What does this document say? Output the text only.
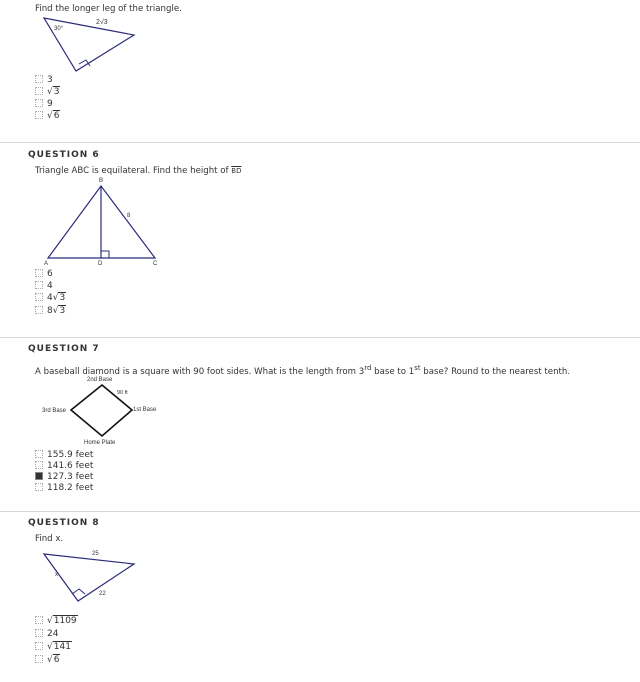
Find the longer leg of the triangle.
30°
2√3
3
√3
9
√6
QUESTION 6
Triangle ABC is equilateral. Find the height of $\overline{BD}$
B
A	D	C
8
6
4
4√3
8√3
QUESTION 7
A baseball diamond is a square with 90 foot sides. What is the length from 3rd base to 1st base? Round to the nearest tenth.
2nd Base
90 ft
3rd Base	1st Base
Home Plate
155.9 feet
141.6 feet
127.3 feet
118.2 feet
QUESTION 8
Find x.
25
x
22
√1109
24
√141
√6
